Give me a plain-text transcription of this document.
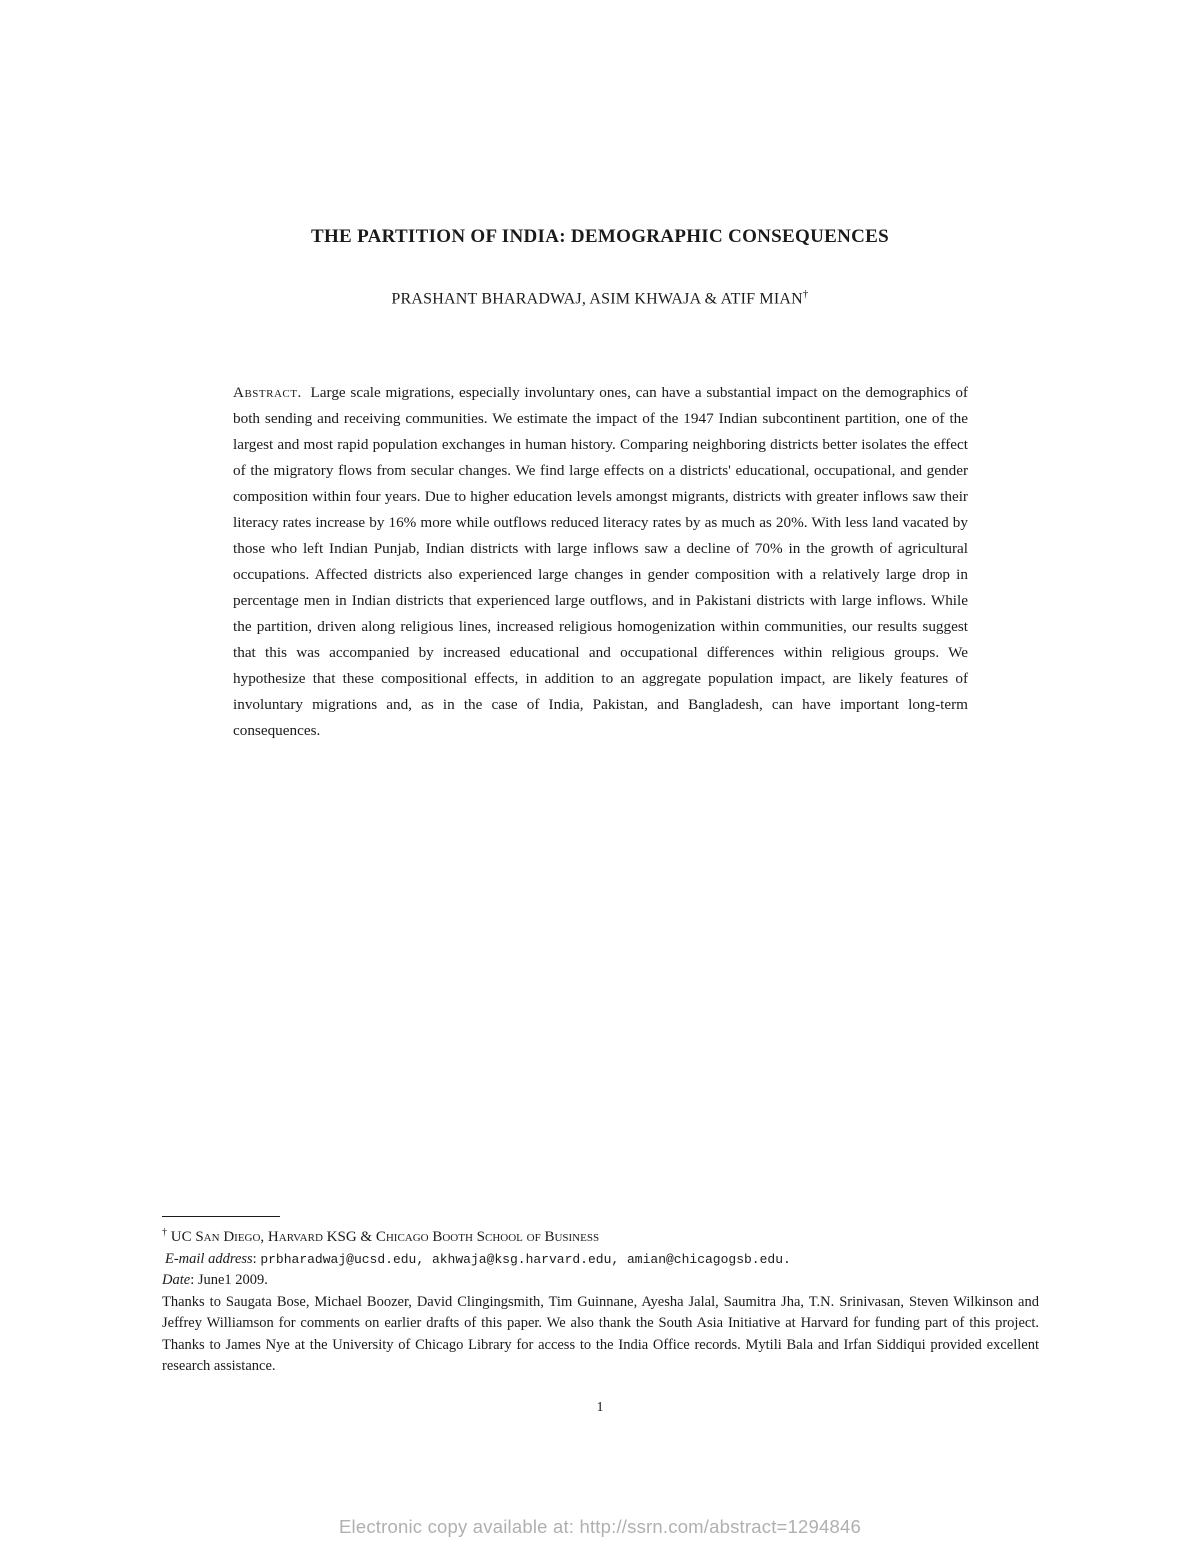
THE PARTITION OF INDIA: DEMOGRAPHIC CONSEQUENCES
PRASHANT BHARADWAJ, ASIM KHWAJA & ATIF MIAN†
Abstract. Large scale migrations, especially involuntary ones, can have a substantial impact on the demographics of both sending and receiving communities. We estimate the impact of the 1947 Indian subcontinent partition, one of the largest and most rapid population exchanges in human history. Comparing neighboring districts better isolates the effect of the migratory flows from secular changes. We find large effects on a districts' educational, occupational, and gender composition within four years. Due to higher education levels amongst migrants, districts with greater inflows saw their literacy rates increase by 16% more while outflows reduced literacy rates by as much as 20%. With less land vacated by those who left Indian Punjab, Indian districts with large inflows saw a decline of 70% in the growth of agricultural occupations. Affected districts also experienced large changes in gender composition with a relatively large drop in percentage men in Indian districts that experienced large outflows, and in Pakistani districts with large inflows. While the partition, driven along religious lines, increased religious homogenization within communities, our results suggest that this was accompanied by increased educational and occupational differences within religious groups. We hypothesize that these compositional effects, in addition to an aggregate population impact, are likely features of involuntary migrations and, as in the case of India, Pakistan, and Bangladesh, can have important long-term consequences.
† UC San Diego, Harvard KSG & Chicago Booth School of Business
E-mail address: prbharadwaj@ucsd.edu, akhwaja@ksg.harvard.edu, amian@chicagogsb.edu.
Date: June1 2009.
Thanks to Saugata Bose, Michael Boozer, David Clingingsmith, Tim Guinnane, Ayesha Jalal, Saumitra Jha, T.N. Srinivasan, Steven Wilkinson and Jeffrey Williamson for comments on earlier drafts of this paper. We also thank the South Asia Initiative at Harvard for funding part of this project. Thanks to James Nye at the University of Chicago Library for access to the India Office records. Mytili Bala and Irfan Siddiqui provided excellent research assistance.
1
Electronic copy available at: http://ssrn.com/abstract=1294846
